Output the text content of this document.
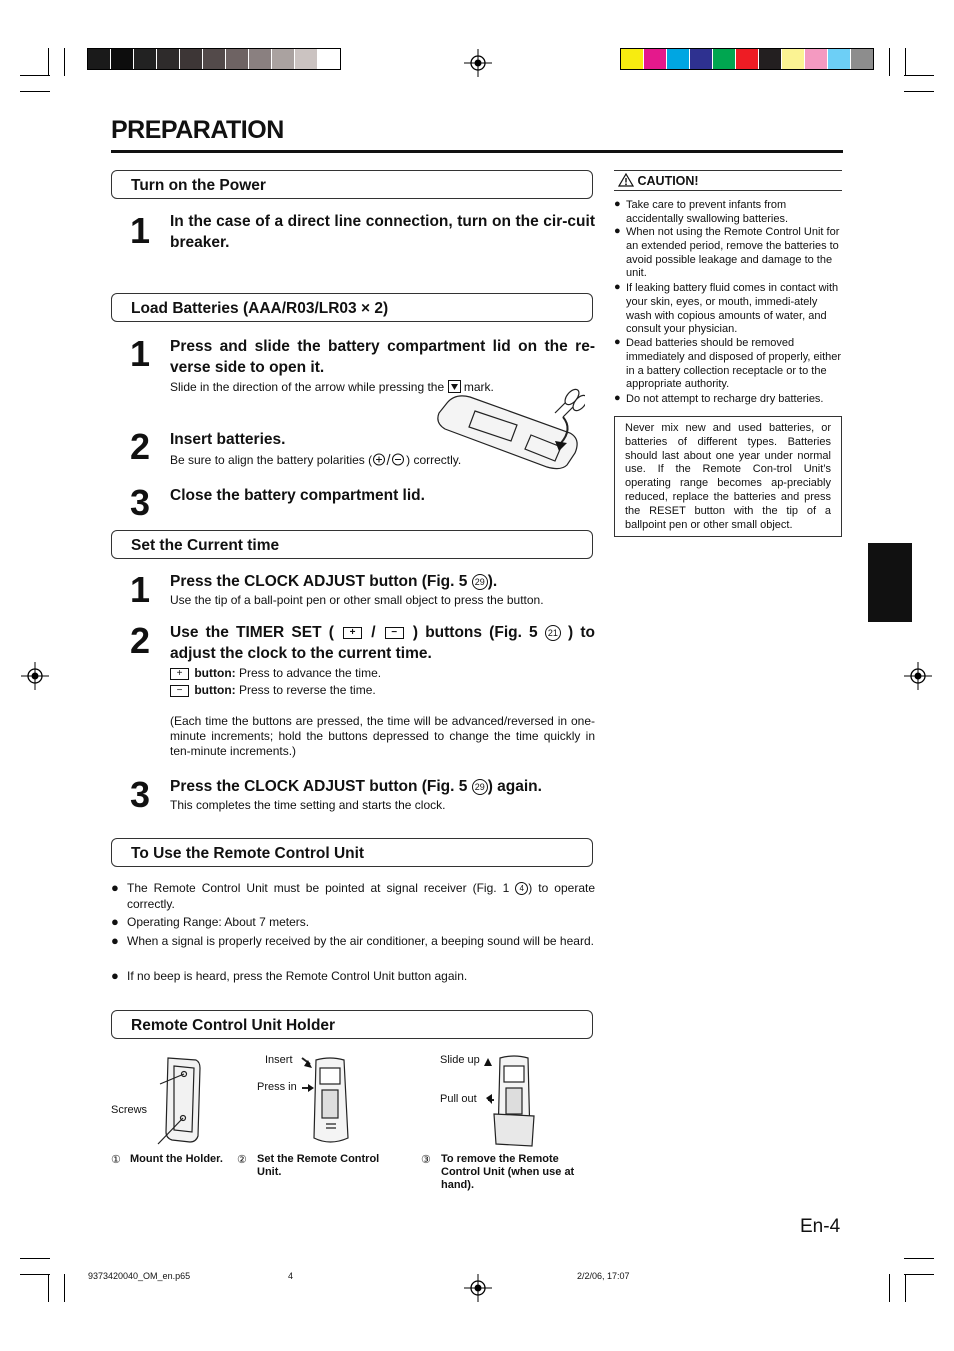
PREPARATION
Turn on the Power
1 In the case of a direct line connection, turn on the cir-cuit breaker.
Load Batteries (AAA/R03/LR03 × 2)
1 Press and slide the battery compartment lid on the re-verse side to open it.
Slide in the direction of the arrow while pressing the mark.
2 Insert batteries.
Be sure to align the battery polarities (	) correctly.
3 Close the battery compartment lid.
Set the Current time
1 Press the CLOCK ADJUST button (Fig. 5 29 ).
Use the tip of a ball-point pen or other small object to press the button.
2 Use the TIMER SET ( + / − ) buttons (Fig. 5 21 ) to adjust the clock to the current time.
+ button: Press to advance the time.
− button: Press to reverse the time.
(Each time the buttons are pressed, the time will be advanced/reversed in one-minute increments; hold the buttons depressed to change the time quickly in ten-minute increments.)
3 Press the CLOCK ADJUST button (Fig. 5 29 ) again.
This completes the time setting and starts the clock.
To Use the Remote Control Unit
● The Remote Control Unit must be pointed at signal receiver (Fig. 1 4 ) to operate correctly.
● Operating Range: About 7 meters.
● When a signal is properly received by the air conditioner, a beeping sound will be heard.
● If no beep is heard, press the Remote Control Unit button again.
Remote Control Unit Holder
Screws
Insert
Press in
Slide up
Pull out
① Mount the Holder.	② Set the Remote Control Unit.
③ To remove the Remote Control Unit (when use at hand).
CAUTION!
● Take care to prevent infants from accidentally swallowing batteries.
● When not using the Remote Control Unit for an extended period, remove the batteries to avoid possible leakage and damage to the unit.
● If leaking battery fluid comes in contact with your skin, eyes, or mouth, immedi-ately wash with copious amounts of water, and consult your physician.
● Dead batteries should be removed immediately and disposed of properly, either in a battery collection receptacle or to the appropriate authority.
● Do not attempt to recharge dry batteries.
Never mix new and used batteries, or batteries of different types. Batteries should last about one year under normal use. If the Remote Con-trol Unit’s operating range becomes ap-preciably reduced, replace the batteries and press the RESET button with the tip of a ballpoint pen or other small object.
En-4
9373420040_OM_en.p65	4	2/2/06, 17:07
